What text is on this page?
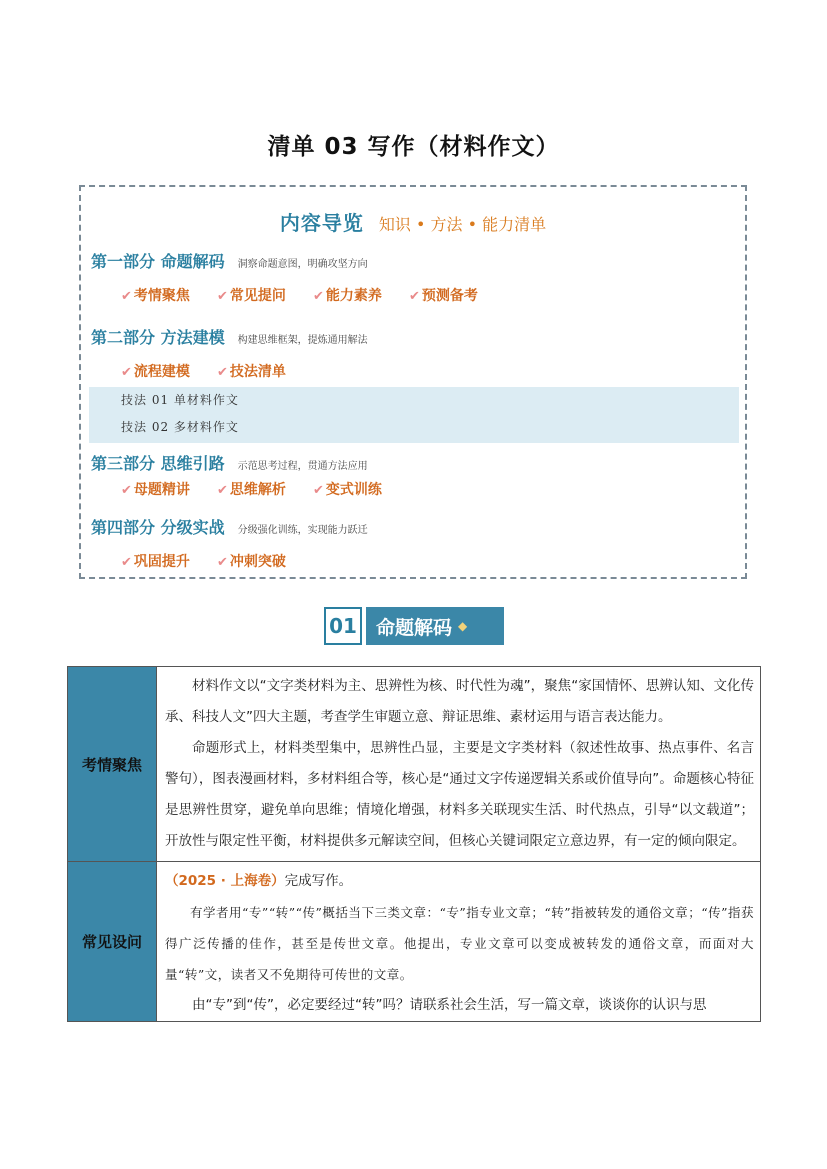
清单 03 写作（材料作文）
内容导览 知识 • 方法 • 能力清单
第一部分 命题解码 洞察命题意图，明确攻坚方向
✔ 考情聚焦 ✔ 常见提问 ✔ 能力素养 ✔ 预测备考
第二部分 方法建模 构建思维框架，提炼通用解法
✔ 流程建模 ✔ 技法清单
技法 01 单材料作文
技法 02 多材料作文
第三部分 思维引路 示范思考过程，贯通方法应用
✔ 母题精讲 ✔ 思维解析 ✔ 变式训练
第四部分 分级实战 分级强化训练，实现能力跃迁
✔ 巩固提升 ✔ 冲刺突破
01 命题解码 ◆
考情聚焦	材料作文以“文字类材料为主、思辨性为核、时代性为魂”，聚焦“家国情怀、思辨认知、文化传承、科技人文”四大主题，考查学生审题立意、辩证思维、素材运用与语言表达能力。

命题形式上，材料类型集中，思辨性凸显，主要是文字类材料（叙述性故事、热点事件、名言警句），图表漫画材料，多材料组合等，核心是“通过文字传递逻辑关系或价值导向”。命题核心特征是思辨性贯穿，避免单向思维；情境化增强，材料多关联现实生活、时代热点，引导“以文载道”；开放性与限定性平衡，材料提供多元解读空间，但核心关键词限定立意边界，有一定的倾向限定。

常见设问	（2025 · 上海卷）完成写作。

有学者用“专”“转”“传”概括当下三类文章：“专”指专业文章；“转”指被转发的通俗文章；“传”指获得广泛传播的佳作，甚至是传世文章。他提出，专业文章可以变成被转发的通俗文章，而面对大量“转”文，读者又不免期待可传世的文章。

由“专”到“传”，必定要经过“转”吗？请联系社会生活，写一篇文章，谈谈你的认识与思
